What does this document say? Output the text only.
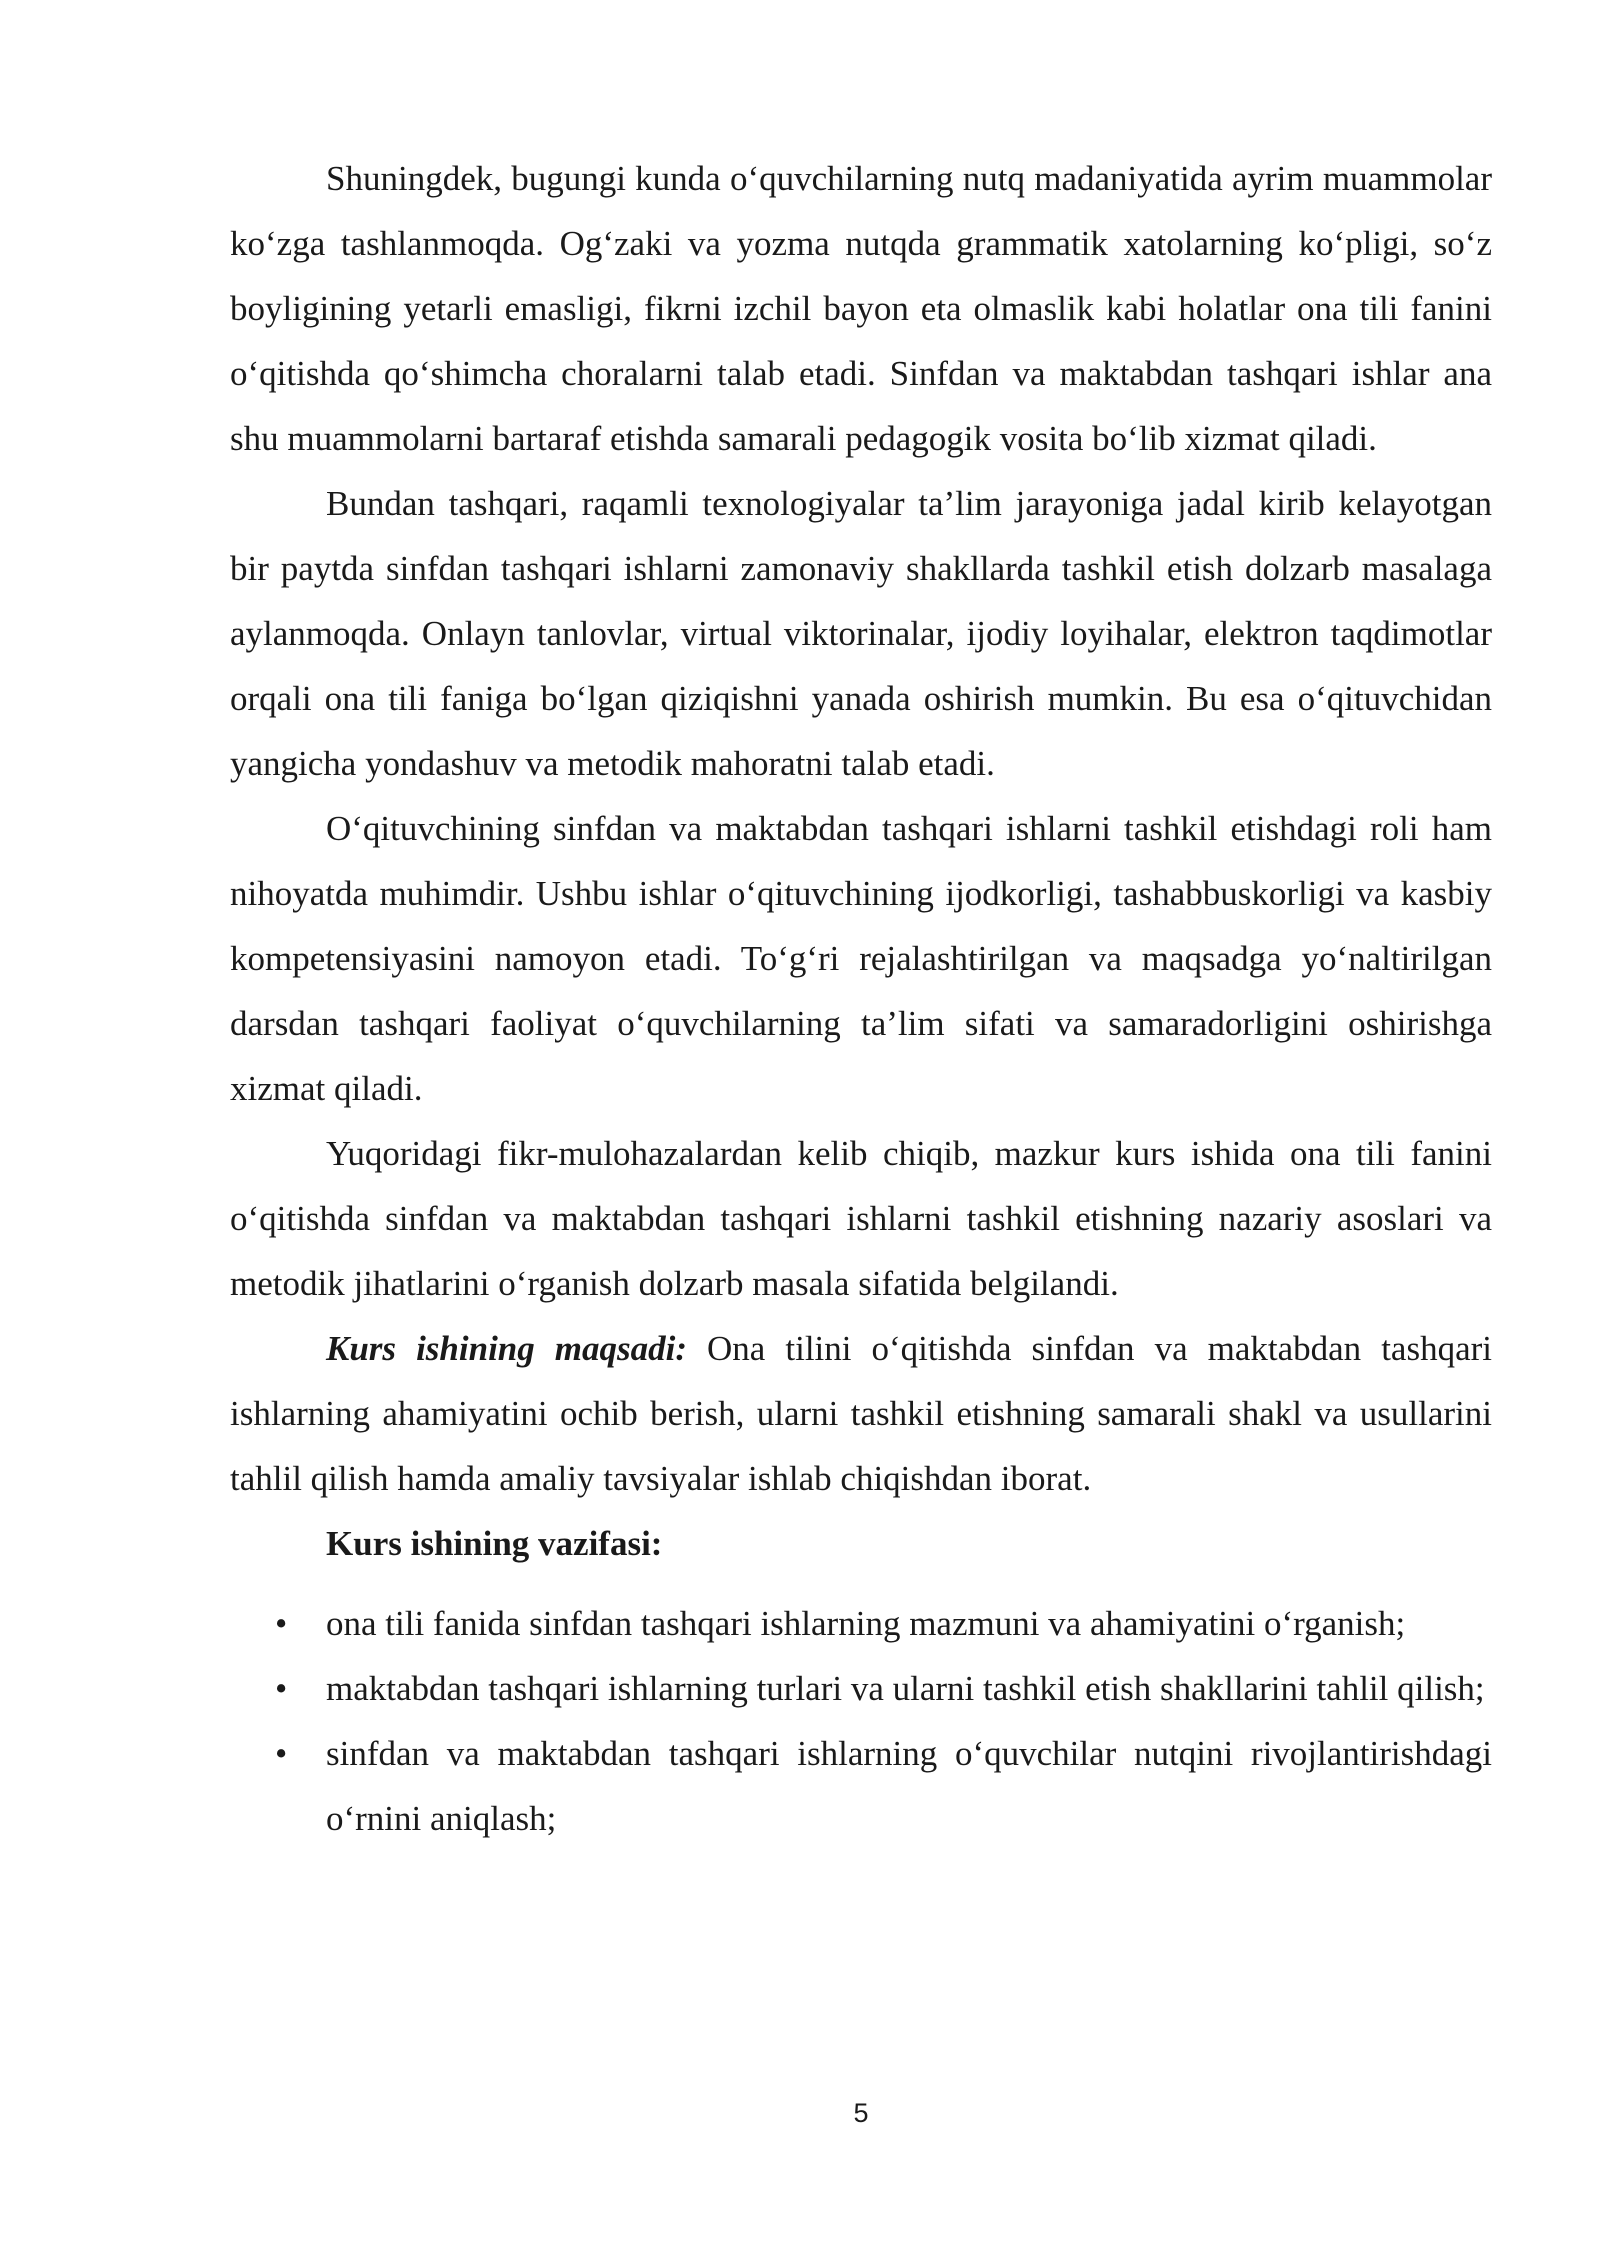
Shuningdek, bugungi kunda o‘quvchilarning nutq madaniyatida ayrim muammolar ko‘zga tashlanmoqda. Og‘zaki va yozma nutqda grammatik xatolarning ko‘pligi, so‘z boyligining yetarli emasligi, fikrni izchil bayon eta olmaslik kabi holatlar ona tili fanini o‘qitishda qo‘shimcha choralarni talab etadi. Sinfdan va maktabdan tashqari ishlar ana shu muammolarni bartaraf etishda samarali pedagogik vosita bo‘lib xizmat qiladi.

Bundan tashqari, raqamli texnologiyalar ta’lim jarayoniga jadal kirib kelayotgan bir paytda sinfdan tashqari ishlarni zamonaviy shakllarda tashkil etish dolzarb masalaga aylanmoqda. Onlayn tanlovlar, virtual viktorinalar, ijodiy loyihalar, elektron taqdimotlar orqali ona tili faniga bo‘lgan qiziqishni yanada oshirish mumkin. Bu esa o‘qituvchidan yangicha yondashuv va metodik mahoratni talab etadi.

O‘qituvchining sinfdan va maktabdan tashqari ishlarni tashkil etishdagi roli ham nihoyatda muhimdir. Ushbu ishlar o‘qituvchining ijodkorligi, tashabbuskorligi va kasbiy kompetensiyasini namoyon etadi. To‘g‘ri rejalashtirilgan va maqsadga yo‘naltirilgan darsdan tashqari faoliyat o‘quvchilarning ta’lim sifati va samaradorligini oshirishga xizmat qiladi.

Yuqoridagi fikr-mulohazalardan kelib chiqib, mazkur kurs ishida ona tili fanini o‘qitishda sinfdan va maktabdan tashqari ishlarni tashkil etishning nazariy asoslari va metodik jihatlarini o‘rganish dolzarb masala sifatida belgilandi.

Kurs ishining maqsadi: Ona tilini o‘qitishda sinfdan va maktabdan tashqari ishlarning ahamiyatini ochib berish, ularni tashkil etishning samarali shakl va usullarini tahlil qilish hamda amaliy tavsiyalar ishlab chiqishdan iborat.

Kurs ishining vazifasi:
• ona tili fanida sinfdan tashqari ishlarning mazmuni va ahamiyatini o‘rganish;
• maktabdan tashqari ishlarning turlari va ularni tashkil etish shakllarini tahlil qilish;
• sinfdan va maktabdan tashqari ishlarning o‘quvchilar nutqini rivojlantirishdagi o‘rnini aniqlash;
5
